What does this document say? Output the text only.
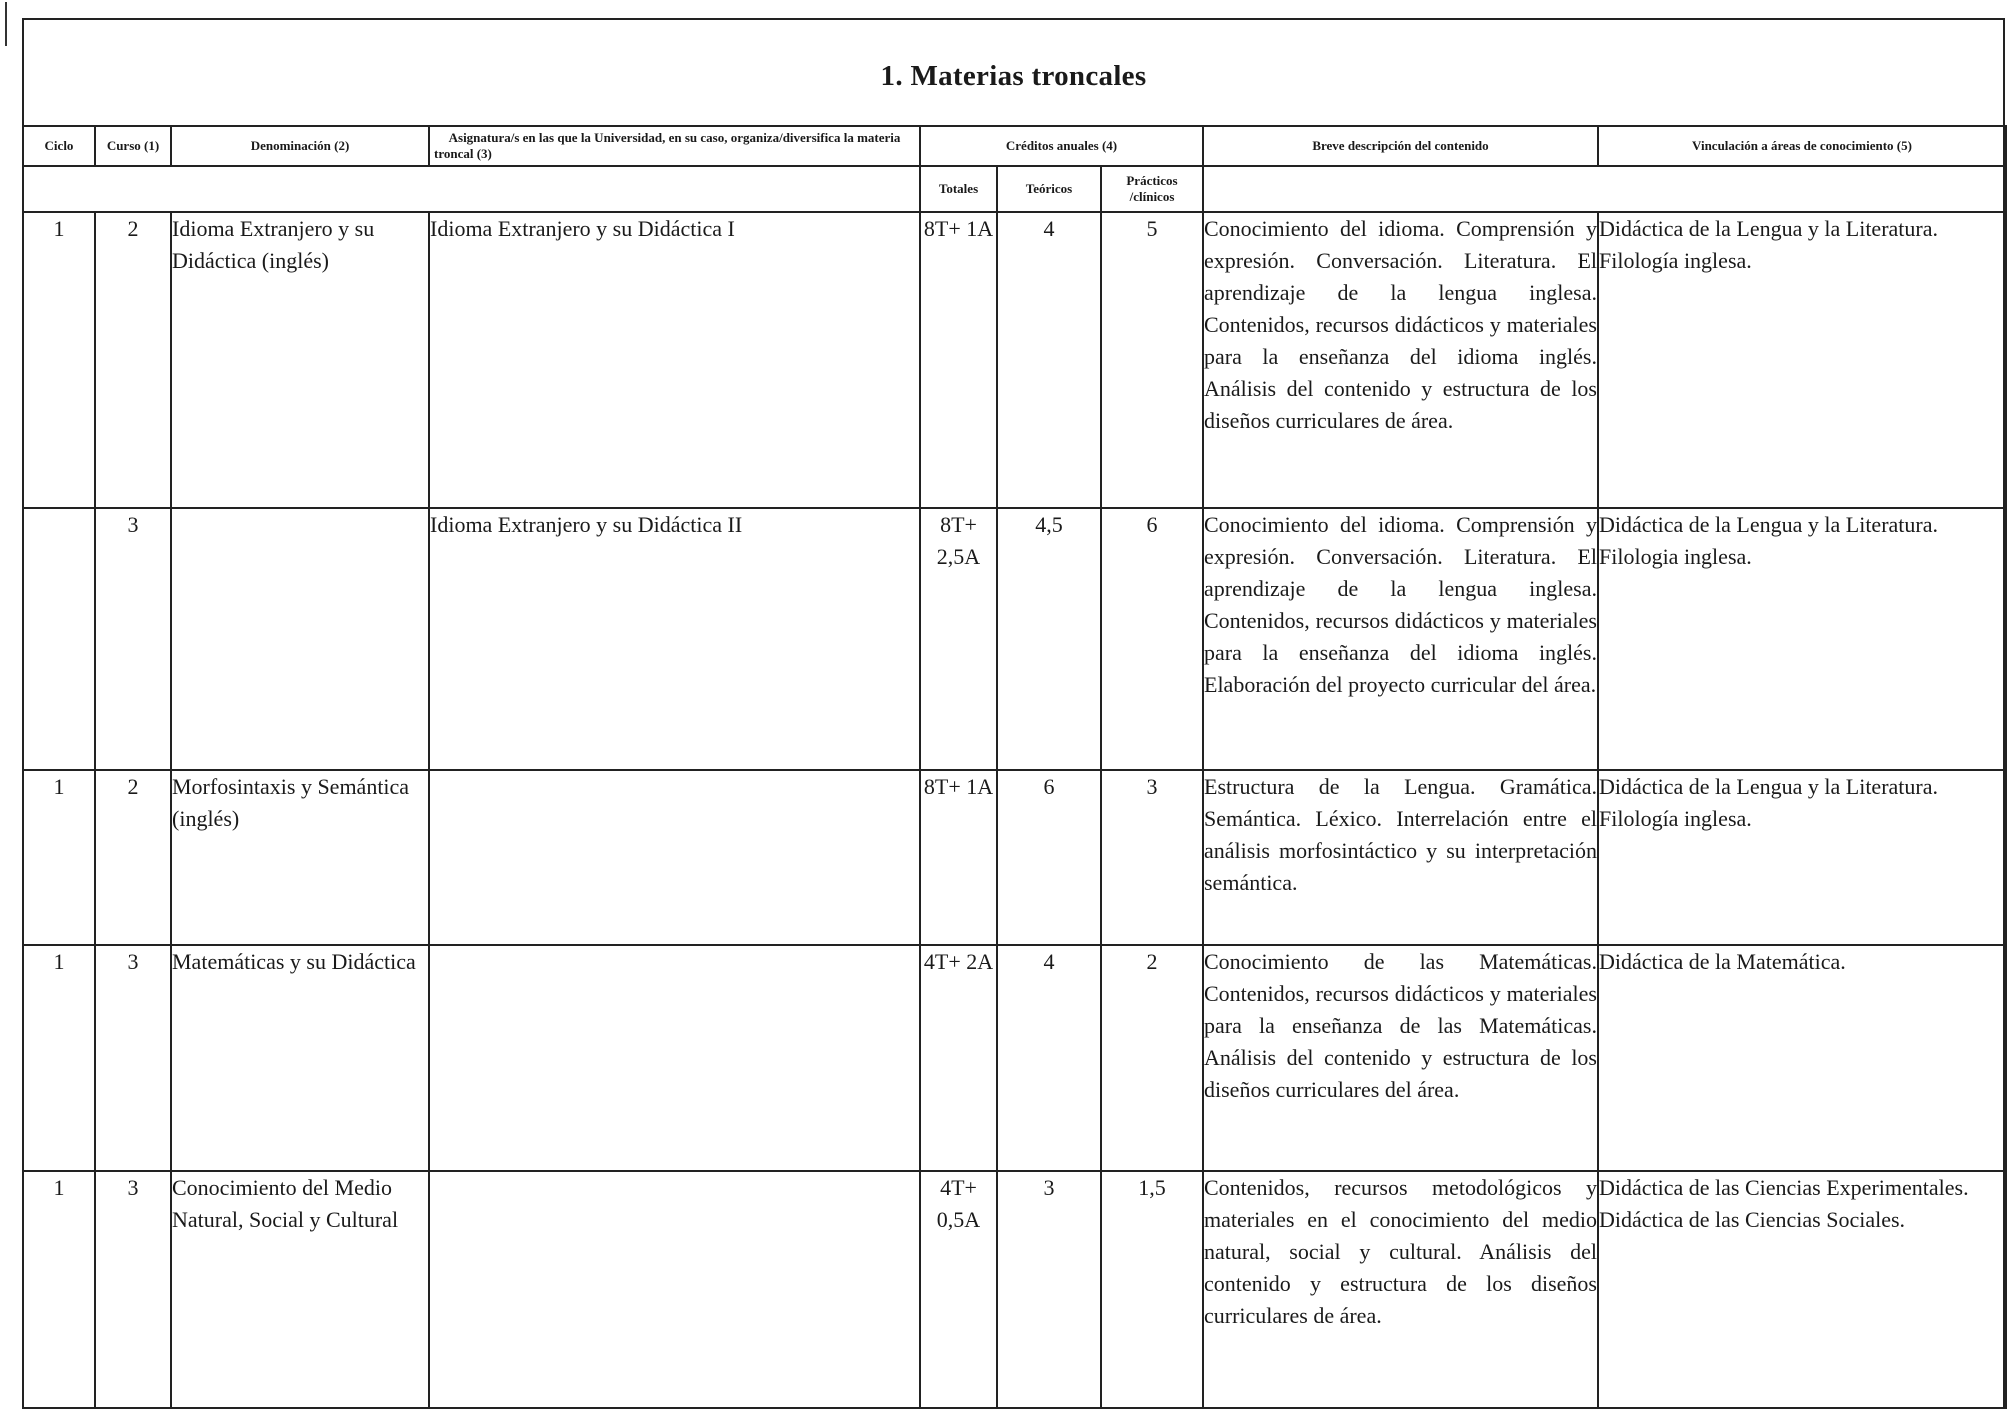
1. Materias troncales
Ciclo	Curso (1)	Denominación (2)	Asignatura/s en las que la Universidad, en su caso, organiza/diversifica la materia troncal (3)	Créditos anuales (4)			Breve descripción del contenido	Vinculación a áreas de conocimiento (5)
				Totales	Teóricos	Prácticos /clínicos		
1	2	Idioma Extranjero y su Didáctica (inglés)	Idioma Extranjero y su Didáctica I	8T+ 1A	4	5	Conocimiento del idioma. Comprensión y expresión. Conversación. Literatura. El aprendizaje de la lengua inglesa. Contenidos, recursos didácticos y materiales para la enseñanza del idioma inglés. Análisis del contenido y estructura de los diseños curriculares de área.	Didáctica de la Lengua y la Literatura.
Filología inglesa.

	3		Idioma Extranjero y su Didáctica II	8T+ 2,5A	4,5	6	Conocimiento del idioma. Comprensión y expresión. Conversación. Literatura. El aprendizaje de la lengua inglesa. Contenidos, recursos didácticos y materiales para la enseñanza del idioma inglés. Elaboración del proyecto curricular del área.	Didáctica de la Lengua y la Literatura.
Filologia inglesa.

1	2	Morfosintaxis y Semántica (inglés)		8T+ 1A	6	3	Estructura de la Lengua. Gramática. Semántica. Léxico. Interrelación entre el análisis morfosintáctico y su interpretación semántica.	Didáctica de la Lengua y la Literatura.
Filología inglesa.

1	3	Matemáticas y su Didáctica		4T+ 2A	4	2	Conocimiento de las Matemáticas. Contenidos, recursos didácticos y materiales para la enseñanza de las Matemáticas. Análisis del contenido y estructura de los diseños curriculares del área.	Didáctica de la Matemática.

1	3	Conocimiento del Medio Natural, Social y Cultural		4T+ 0,5A	3	1,5	Contenidos, recursos metodológicos y materiales en el conocimiento del medio natural, social y cultural. Análisis del contenido y estructura de los diseños curriculares de área.	Didáctica de las Ciencias Experimentales.
Didáctica de las Ciencias Sociales.
